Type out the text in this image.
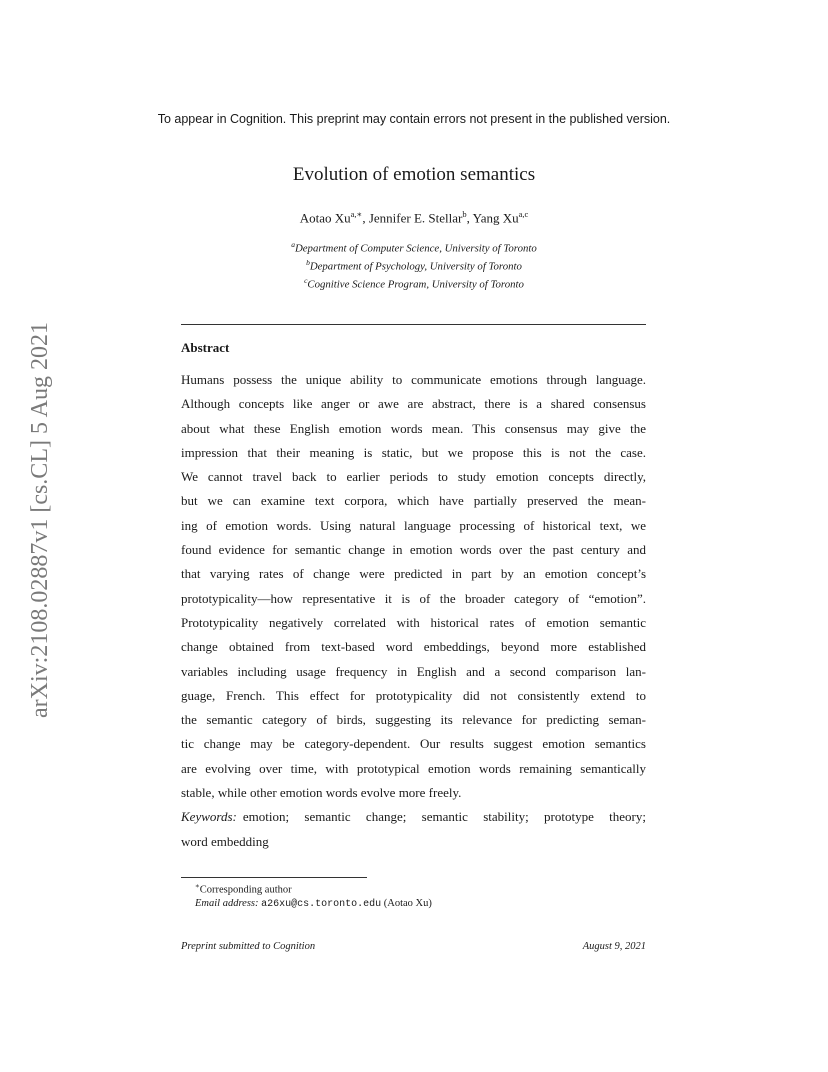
arXiv:2108.02887v1 [cs.CL] 5 Aug 2021
To appear in Cognition. This preprint may contain errors not present in the published version.
Evolution of emotion semantics
Aotao $Xu^{a,∗}$, Jennifer E. Stellar$^b$, Yang Xu$^{a,c}$
$^a$Department of Computer Science, University of Toronto
$^b$Department of Psychology, University of Toronto
$^c$Cognitive Science Program, University of Toronto
Abstract
Humans possess the unique ability to communicate emotions through language.
Although concepts like anger or awe are abstract, there is a shared consensus
about what these English emotion words mean. This consensus may give the
impression that their meaning is static, but we propose this is not the case.
We cannot travel back to earlier periods to study emotion concepts directly,
but we can examine text corpora, which have partially preserved the mean-
ing of emotion words. Using natural language processing of historical text, we
found evidence for semantic change in emotion words over the past century and
that varying rates of change were predicted in part by an emotion concept’s
prototypicality—how representative it is of the broader category of “emotion”.
Prototypicality negatively correlated with historical rates of emotion semantic
change obtained from text-based word embeddings, beyond more established
variables including usage frequency in English and a second comparison lan-
guage, French. This effect for prototypicality did not consistently extend to
the semantic category of birds, suggesting its relevance for predicting seman-
tic change may be category-dependent. Our results suggest emotion semantics
are evolving over time, with prototypical emotion words remaining semantically
stable, while other emotion words evolve more freely.
Keywords: emotion; semantic change; semantic stability; prototype theory;
word embedding
∗Corresponding author
Email address: a26xu@cs.toronto.edu (Aotao Xu)
Preprint submitted to Cognition	August 9, 2021
